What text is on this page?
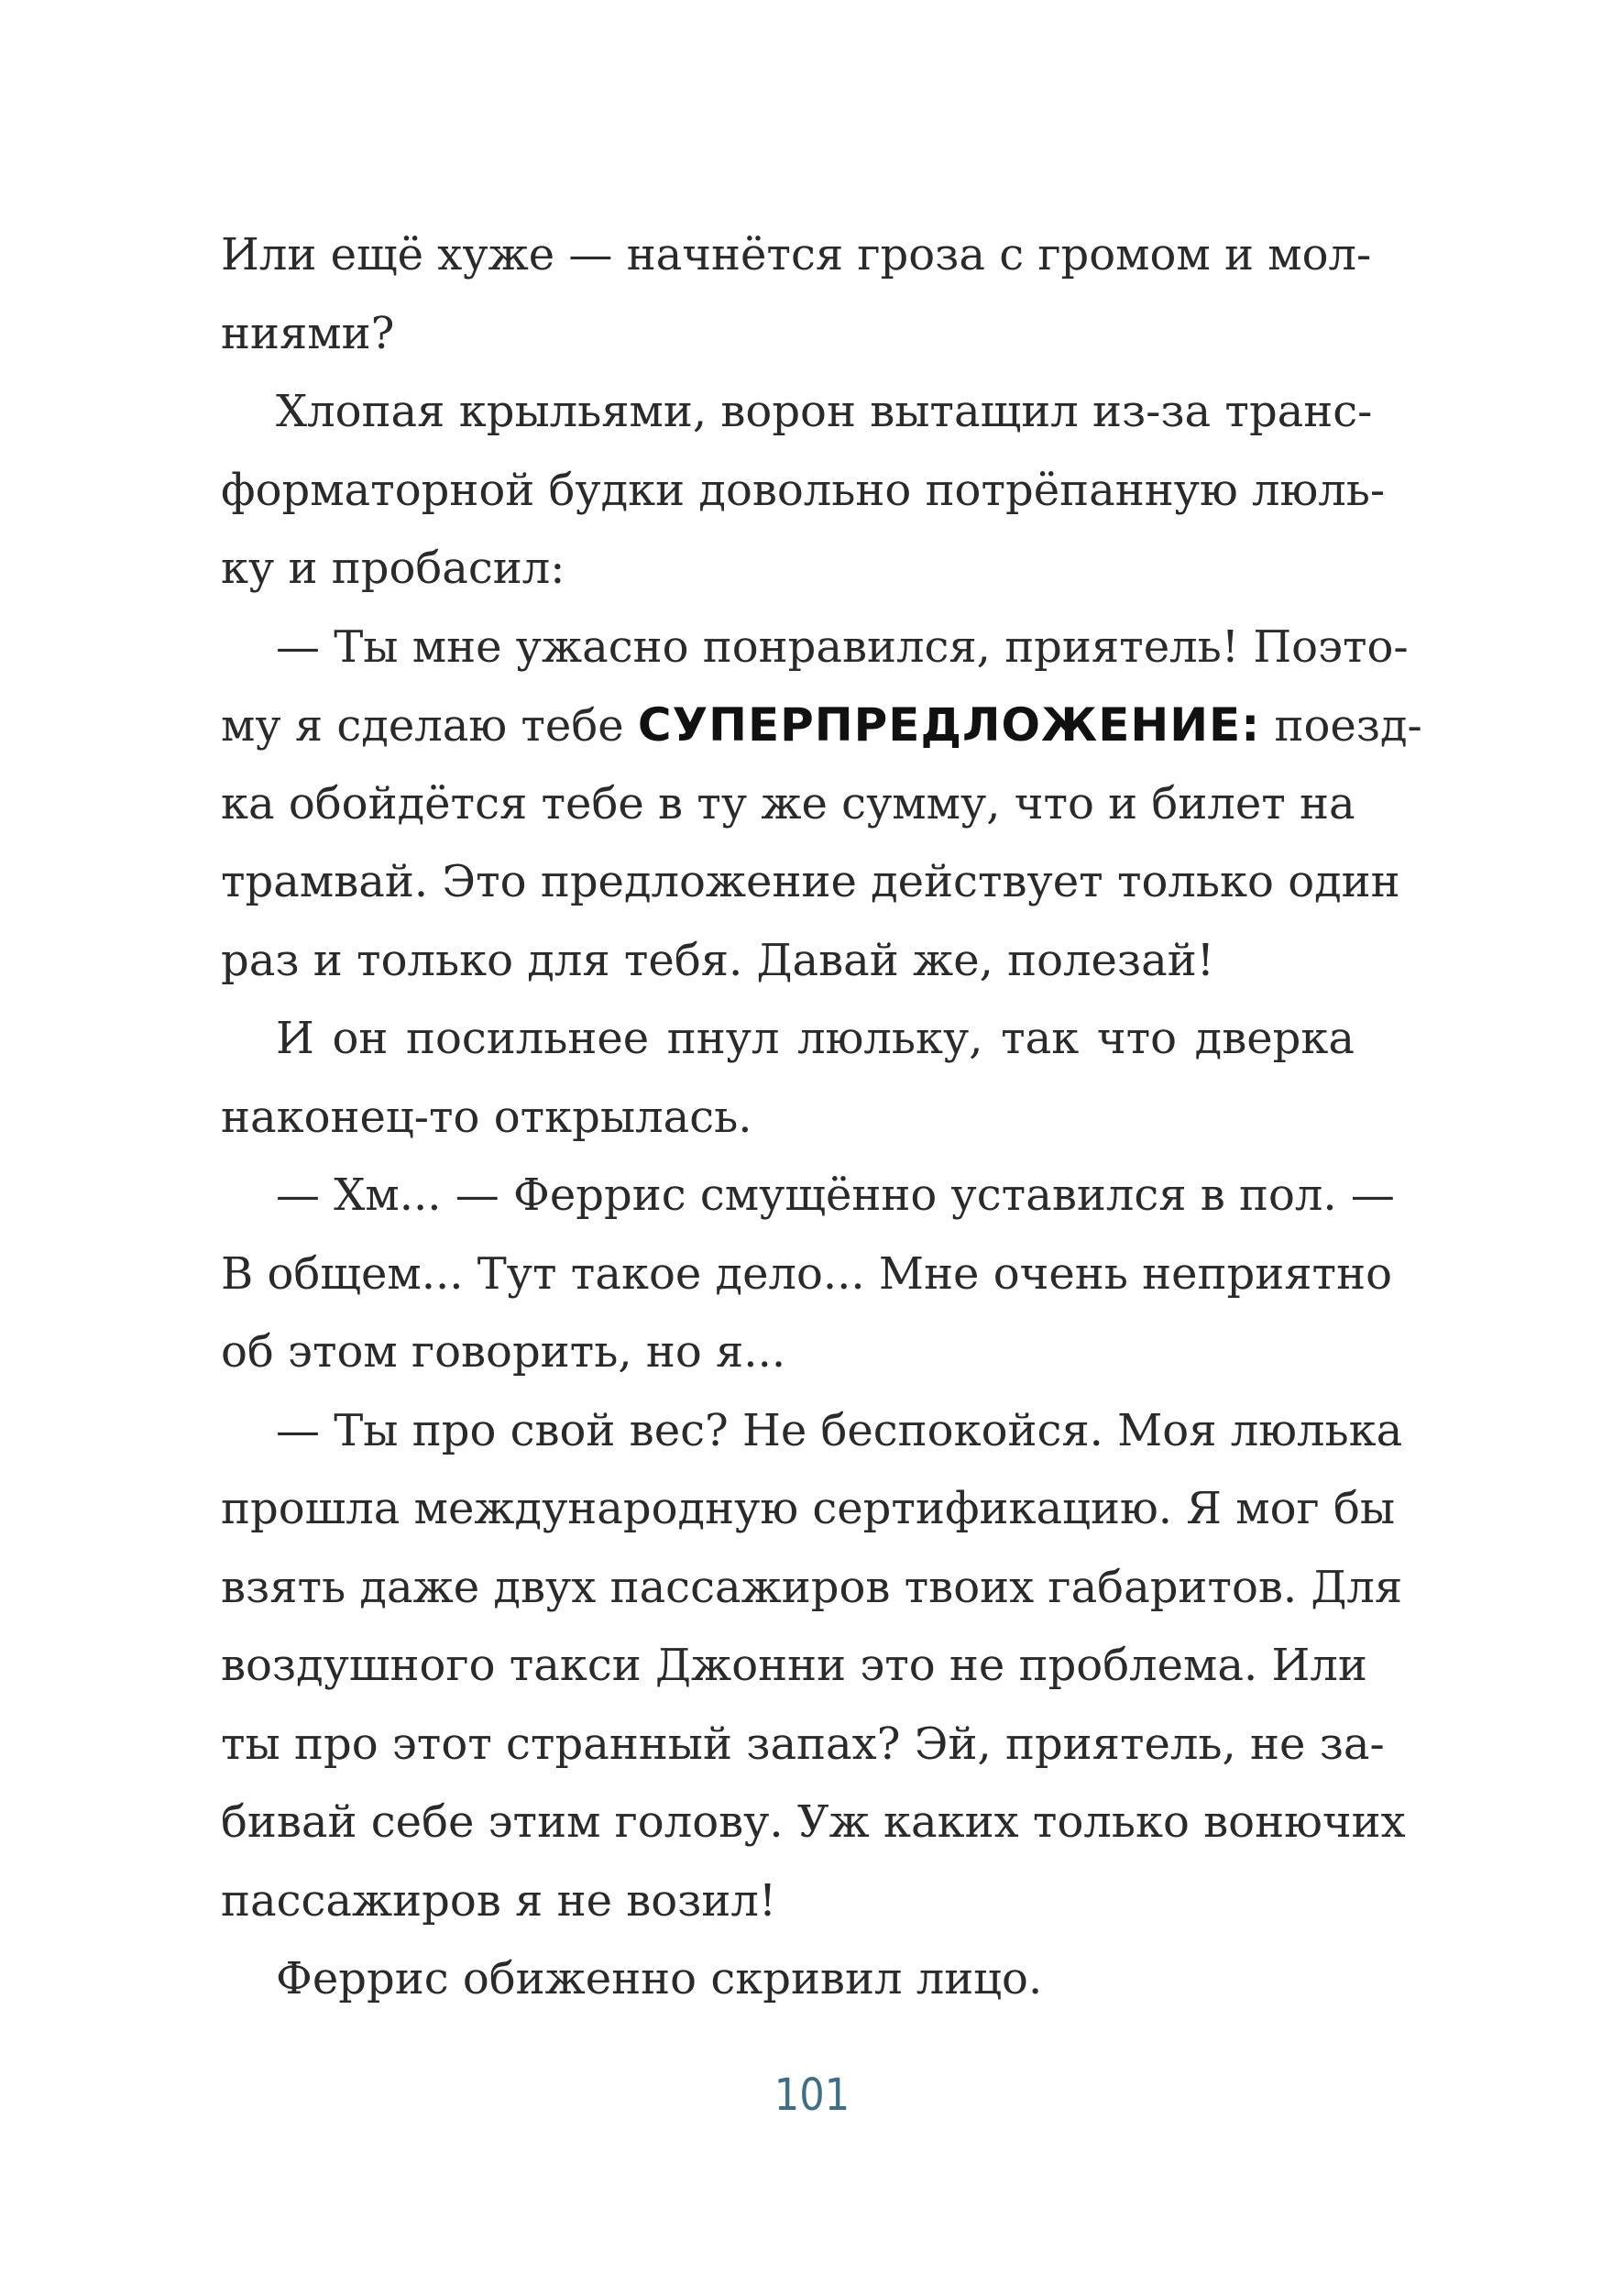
Или ещё хуже — начнётся гроза с громом и мол-
ниями?
Хлопая крыльями, ворон вытащил из-за транс-
форматорной будки довольно потрёпанную люль-
ку и пробасил:
— Ты мне ужасно понравился, приятель! Поэто-
му я сделаю тебе СУПЕРПРЕДЛОЖЕНИЕ: поезд-
ка обойдётся тебе в ту же сумму, что и билет на
трамвай. Это предложение действует только один
раз и только для тебя. Давай же, полезай!
И он посильнее пнул люльку, так что дверка
наконец-то открылась.
— Хм... — Феррис смущённо уставился в пол. —
В общем... Тут такое дело... Мне очень неприятно
об этом говорить, но я...
— Ты про свой вес? Не беспокойся. Моя люлька
прошла международную сертификацию. Я мог бы
взять даже двух пассажиров твоих габаритов. Для
воздушного такси Джонни это не проблема. Или
ты про этот странный запах? Эй, приятель, не за-
бивай себе этим голову. Уж каких только вонючих
пассажиров я не возил!
Феррис обиженно скривил лицо.
101
